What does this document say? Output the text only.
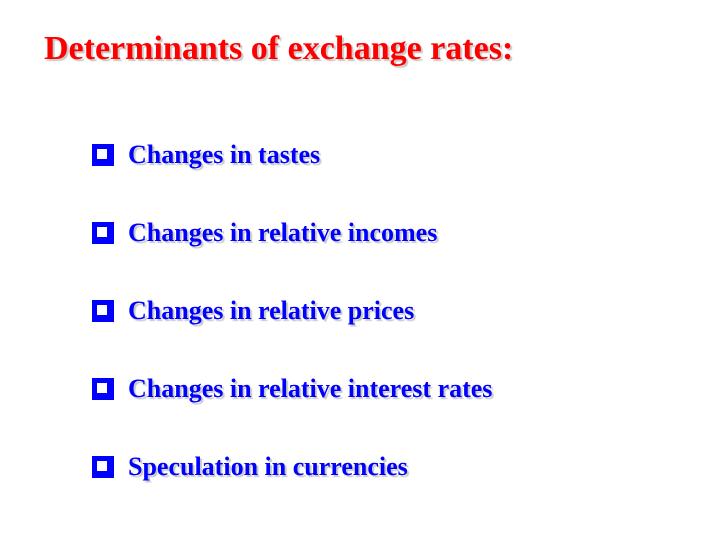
Determinants of exchange rates:
Changes in tastes
Changes in relative incomes
Changes in relative prices
Changes in relative interest rates
Speculation in currencies
